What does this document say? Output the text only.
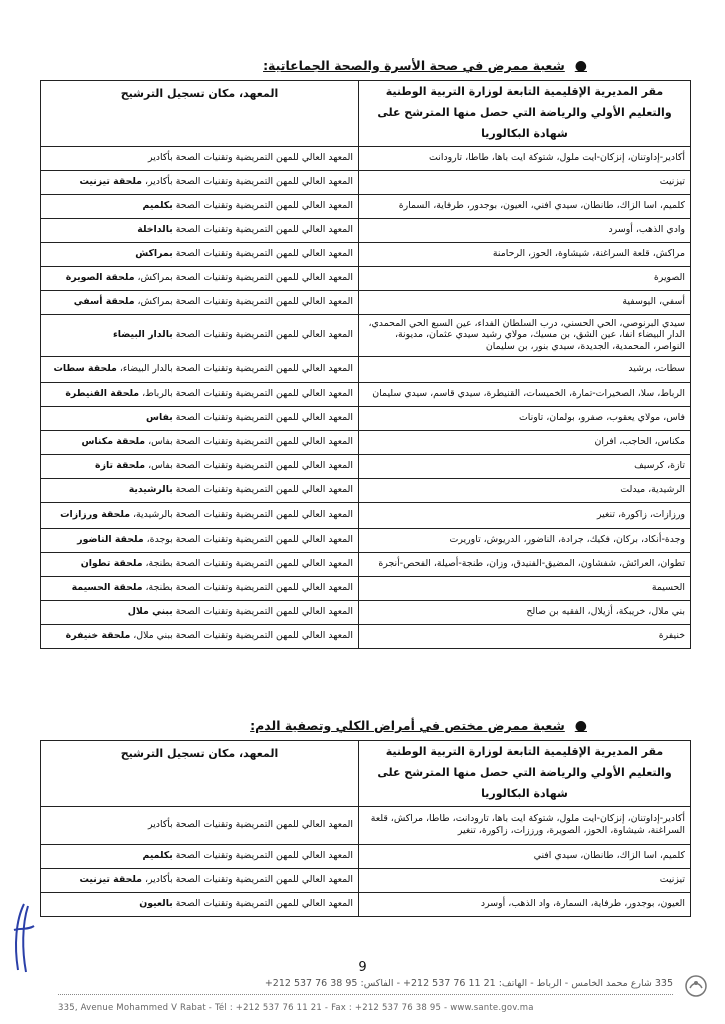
●شعبة ممرض في صحة الأسرة والصحة الجماعاتية:
مقر المديرية الإقليمية التابعة لوزارة التربية الوطنية والتعليم الأولي والرياضة التي حصل منها المترشح على شهادة البكالوريا	المعهد، مكان تسجيل الترشيح
أكادير-إداوتنان، إنزكان-ايت ملول، شتوكة ايت باها، طاطا، تارودانت	المعهد العالي للمهن التمريضية وتقنيات الصحة بأكادير
تيزنيت	المعهد العالي للمهن التمريضية وتقنيات الصحة بأكادير، ملحقة تيزنيت
كلميم، اسا الزاك، طانطان، سيدي افني، العيون، بوجدور، طرفاية، السمارة	المعهد العالي للمهن التمريضية وتقنيات الصحة بكلميم
وادي الذهب، أوسرد	المعهد العالي للمهن التمريضية وتقنيات الصحة بالداخلة
مراكش، قلعة السراغنة، شيشاوة، الحوز، الرحامنة	المعهد العالي للمهن التمريضية وتقنيات الصحة بمراكش
الصويرة	المعهد العالي للمهن التمريضية وتقنيات الصحة بمراكش، ملحقة الصويرة
أسفي، اليوسفية	المعهد العالي للمهن التمريضية وتقنيات الصحة بمراكش، ملحقة أسفي
سيدي البرنوصي، الحي الحسني، درب السلطان الفداء، عين السبع الحي المحمدي، الدار البيضاء انفا، عين الشق، بن مسيك، مولاي رشيد سيدي عثمان، مديونة، النواصر، المحمدية، الجديدة، سيدي بنور، بن سليمان	المعهد العالي للمهن التمريضية وتقنيات الصحة بالدار البيضاء
سطات، برشيد	المعهد العالي للمهن التمريضية وتقنيات الصحة بالدار البيضاء، ملحقة سطات
الرباط، سلا، الصخيرات-تمارة، الخميسات، القنيطرة، سيدي قاسم، سيدي سليمان	المعهد العالي للمهن التمريضية وتقنيات الصحة بالرباط، ملحقة القنيطرة
فاس، مولاي يعقوب، صفرو، بولمان، تاونات	المعهد العالي للمهن التمريضية وتقنيات الصحة بفاس
مكناس، الحاجب، افران	المعهد العالي للمهن التمريضية وتقنيات الصحة بفاس، ملحقة مكناس
تازة، كرسيف	المعهد العالي للمهن التمريضية وتقنيات الصحة بفاس، ملحقة تازة
الرشيدية، ميدلت	المعهد العالي للمهن التمريضية وتقنيات الصحة بالرشيدية
ورزازات، زاكورة، تنغير	المعهد العالي للمهن التمريضية وتقنيات الصحة بالرشيدية، ملحقة ورزازات
وجدة-أنكاد، بركان، فكيك، جرادة، الناضور، الدريوش، تاوريرت	المعهد العالي للمهن التمريضية وتقنيات الصحة بوجدة، ملحقة الناضور
تطوان، العرائش، شفشاون، المضيق-الفنيدق، وزان، طنجة-أصيلة، الفحص-أنجرة	المعهد العالي للمهن التمريضية وتقنيات الصحة بطنجة، ملحقة تطوان
الحسيمة	المعهد العالي للمهن التمريضية وتقنيات الصحة بطنجة، ملحقة الحسيمة
بني ملال، خريبكة، أزيلال، الفقيه بن صالح	المعهد العالي للمهن التمريضية وتقنيات الصحة ببني ملال
خنيفرة	المعهد العالي للمهن التمريضية وتقنيات الصحة ببني ملال، ملحقة خنيفرة
●شعبة ممرض مختص في أمراض الكلي وتصفية الدم:
مقر المديرية الإقليمية التابعة لوزارة التربية الوطنية والتعليم الأولي والرياضة التي حصل منها المترشح على شهادة البكالوريا	المعهد، مكان تسجيل الترشيح
أكادير-إداوتنان، إنزكان-ايت ملول، شتوكة ايت باها، تارودانت، طاطا، مراكش، قلعة السراغنة، شيشاوة، الحوز، الصويرة، ورززات، زاكورة، تنغير	المعهد العالي للمهن التمريضية وتقنيات الصحة بأكادير
كلميم، اسا الزاك، طانطان، سيدي افني	المعهد العالي للمهن التمريضية وتقنيات الصحة بكلميم
تيزنيت	المعهد العالي للمهن التمريضية وتقنيات الصحة بأكادير، ملحقة تيزنيت
العيون، بوجدور، طرفاية، السمارة، واد الذهب، أوسرد	المعهد العالي للمهن التمريضية وتقنيات الصحة بالعيون
9
335 شارع محمد الخامس - الرباط - الهاتف: 21 11 76 537 212+ - الفاكس: 95 38 76 537 212+
335, Avenue Mohammed V Rabat - Tél : +212 537 76 11 21 - Fax : +212 537 76 38 95 - www.sante.gov.ma
